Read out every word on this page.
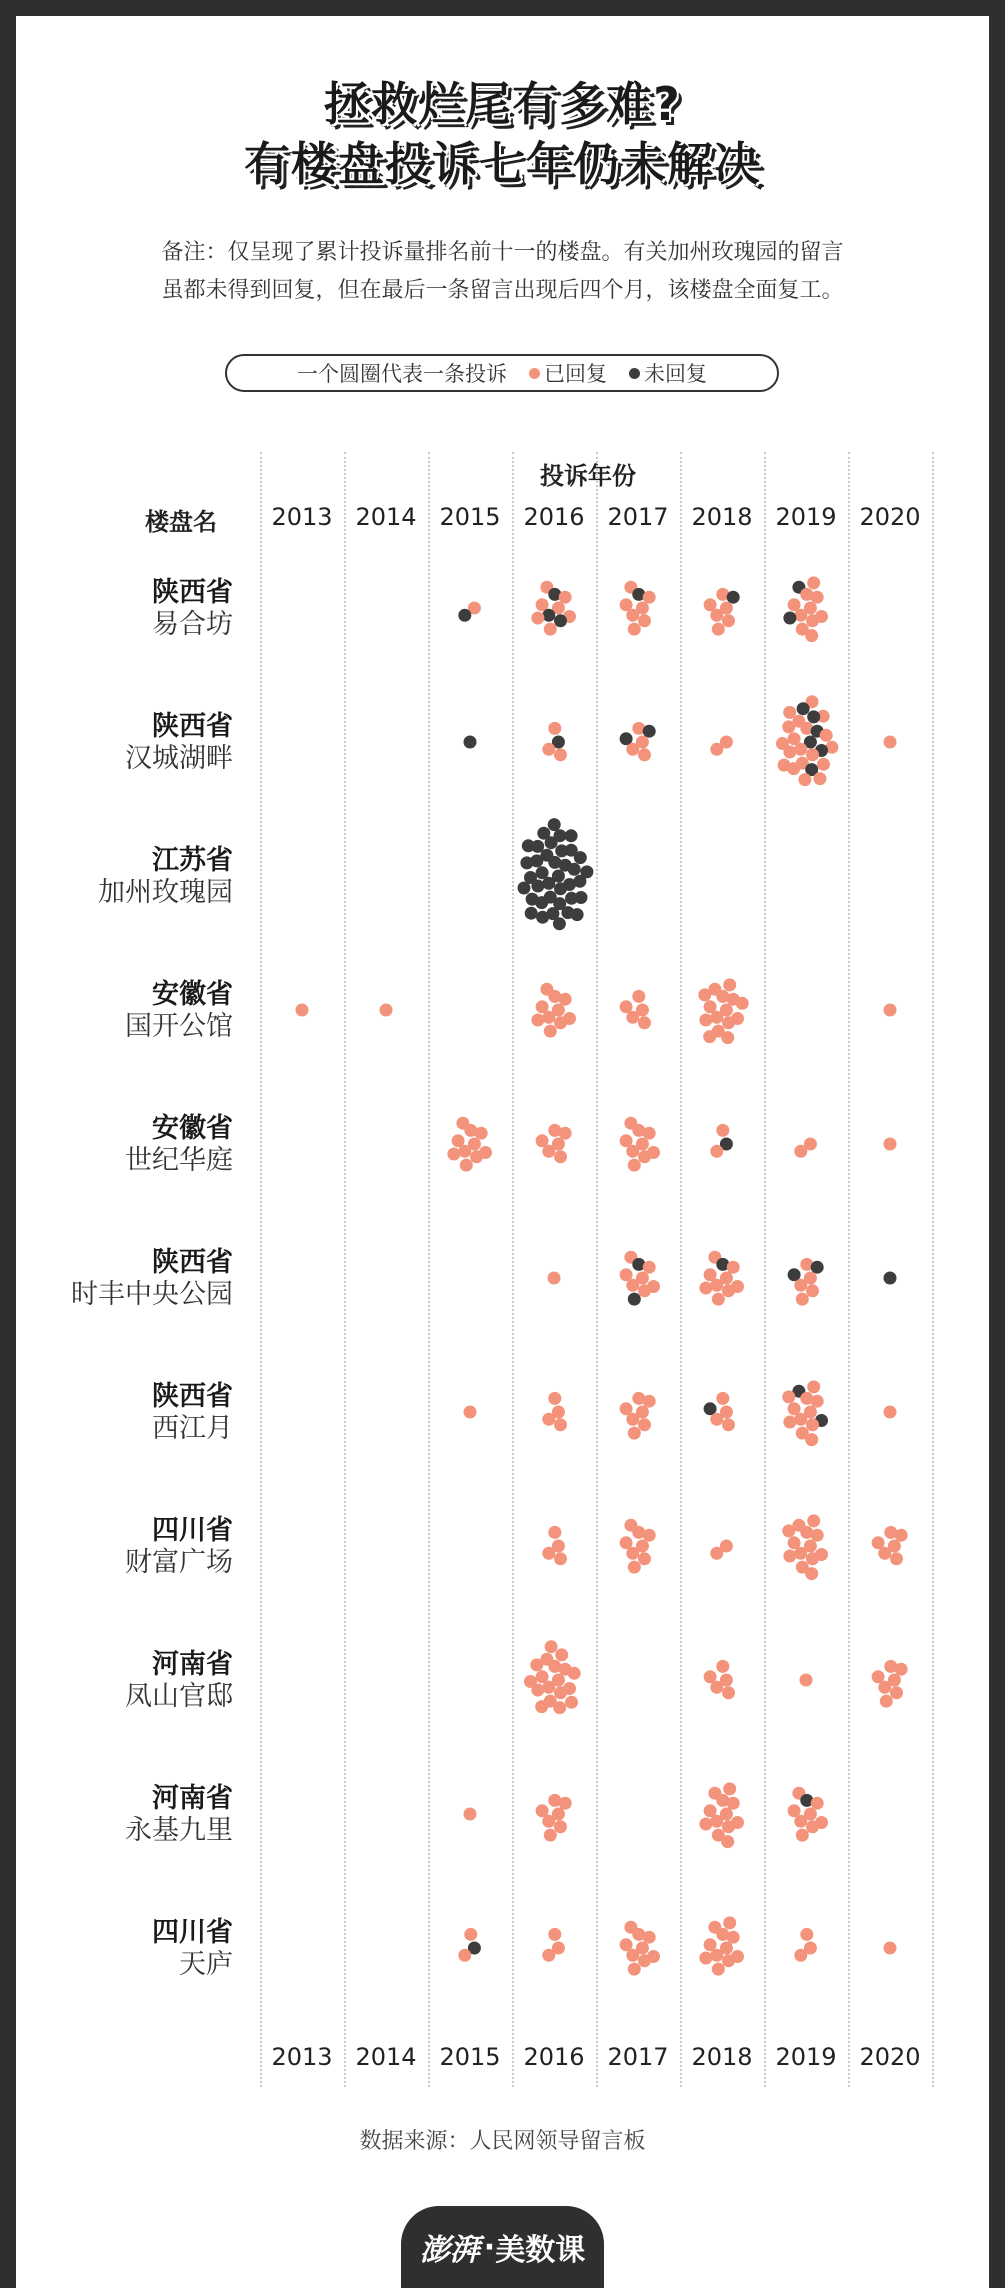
拯救烂尾有多难?
有楼盘投诉七年仍未解决
备注：仅呈现了累计投诉量排名前十一的楼盘。有关加州玫瑰园的留言
虽都未得到回复，但在最后一条留言出现后四个月，该楼盘全面复工。
一个圆圈代表一条投诉 已回复 未回复
投诉年份
楼盘名	2013
2013
2014
2014
2015
2015
2016
2016
2017
2017
2018
2018
2019
2019
2020
2020
陕西省
易合坊
陕西省
汉城湖畔
江苏省
加州玫瑰园
安徽省
国开公馆
安徽省
世纪华庭
陕西省
时丰中央公园
陕西省
西江月
四川省
财富广场
河南省
凤山官邸
河南省
永基九里
四川省
天庐
数据来源：人民网领导留言板
澎湃 · 美数课
